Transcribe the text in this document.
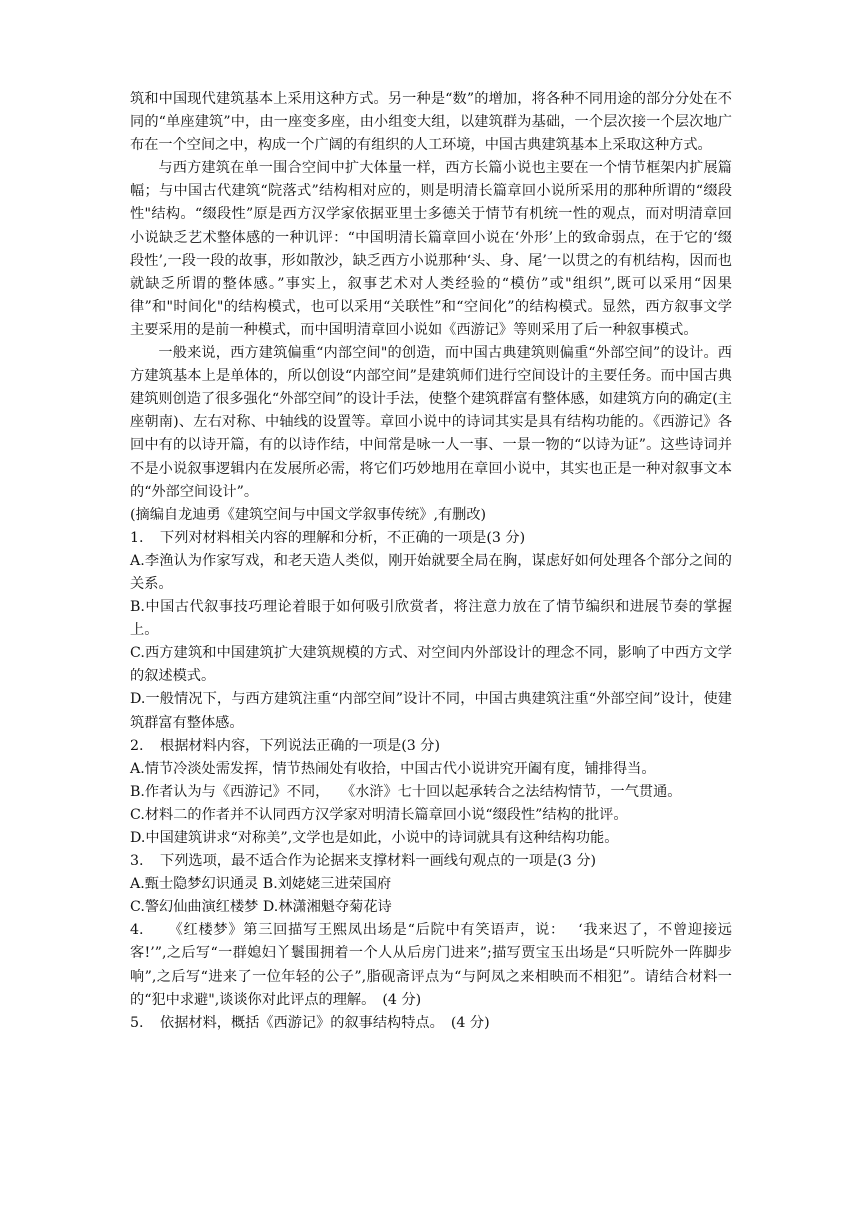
筑和中国现代建筑基本上采用这种方式。另一种是“数”的增加，将各种不同用途的部分分处在不同的“单座建筑”中，由一座变多座，由小组变大组，以建筑群为基础，一个层次接一个层次地广布在一个空间之中，构成一个广阔的有组织的人工环境，中国古典建筑基本上采取这种方式。

与西方建筑在单一围合空间中扩大体量一样，西方长篇小说也主要在一个情节框架内扩展篇幅；与中国古代建筑“院落式”结构相对应的，则是明清长篇章回小说所采用的那种所谓的“缀段性"结构。“缀段性”原是西方汉学家依据亚里士多德关于情节有机统一性的观点，而对明清章回小说缺乏艺术整体感的一种讥评：“中国明清长篇章回小说在‘外形’上的致命弱点，在于它的‘缀段性’,一段一段的故事，形如散沙，缺乏西方小说那种‘头、身、尾’一以贯之的有机结构，因而也就缺乏所谓的整体感。”事实上，叙事艺术对人类经验的“模仿”或"组织”,既可以采用“因果律”和"时间化"的结构模式，也可以采用“关联性”和“空间化”的结构模式。显然，西方叙事文学主要采用的是前一种模式，而中国明清章回小说如《西游记》等则采用了后一种叙事模式。

一般来说，西方建筑偏重“内部空间"的创造，而中国古典建筑则偏重“外部空间”的设计。西方建筑基本上是单体的，所以创设“内部空间”是建筑师们进行空间设计的主要任务。而中国古典建筑则创造了很多强化“外部空间”的设计手法，使整个建筑群富有整体感，如建筑方向的确定(主座朝南)、左右对称、中轴线的设置等。章回小说中的诗词其实是具有结构功能的。《西游记》各回中有的以诗开篇，有的以诗作结，中间常是咏一人一事、一景一物的“以诗为证”。这些诗词并不是小说叙事逻辑内在发展所必需，将它们巧妙地用在章回小说中，其实也正是一种对叙事文本的“外部空间设计”。

(摘编自龙迪勇《建筑空间与中国文学叙事传统》,有删改)

1. 下列对材料相关内容的理解和分析，不正确的一项是(3 分)

A.李渔认为作家写戏，和老天造人类似，刚开始就要全局在胸，谋虑好如何处理各个部分之间的关系。

B.中国古代叙事技巧理论着眼于如何吸引欣赏者，将注意力放在了情节编织和进展节奏的掌握上。

C.西方建筑和中国建筑扩大建筑规模的方式、对空间内外部设计的理念不同，影响了中西方文学的叙述模式。

D.一般情况下，与西方建筑注重“内部空间”设计不同，中国古典建筑注重“外部空间”设计，使建筑群富有整体感。

2. 根据材料内容，下列说法正确的一项是(3 分)

A.情节冷淡处需发挥，情节热闹处有收拾，中国古代小说讲究开阖有度，铺排得当。

B.作者认为与《西游记》不同，　 《水浒》七十回以起承转合之法结构情节，一气贯通。

C.材料二的作者并不认同西方汉学家对明清长篇章回小说“缀段性”结构的批评。

D.中国建筑讲求“对称美”,文学也是如此，小说中的诗词就具有这种结构功能。

3. 下列选项，最不适合作为论据来支撑材料一画线句观点的一项是(3 分)

A.甄士隐梦幻识通灵 B.刘姥姥三进荣国府

C.警幻仙曲演红楼梦 D.林潇湘魁夺菊花诗

4.　《红楼梦》第三回描写王熙凤出场是“后院中有笑语声，说：　 ‘我来迟了，不曾迎接远客!’”,之后写“一群媳妇丫鬟围拥着一个人从后房门进来”;描写贾宝玉出场是“只听院外一阵脚步响”,之后写“进来了一位年轻的公子”,脂砚斋评点为“与阿凤之来相映而不相犯”。请结合材料一的“犯中求避",谈谈你对此评点的理解。　(4 分)

5. 依据材料，概括《西游记》的叙事结构特点。　(4 分)
